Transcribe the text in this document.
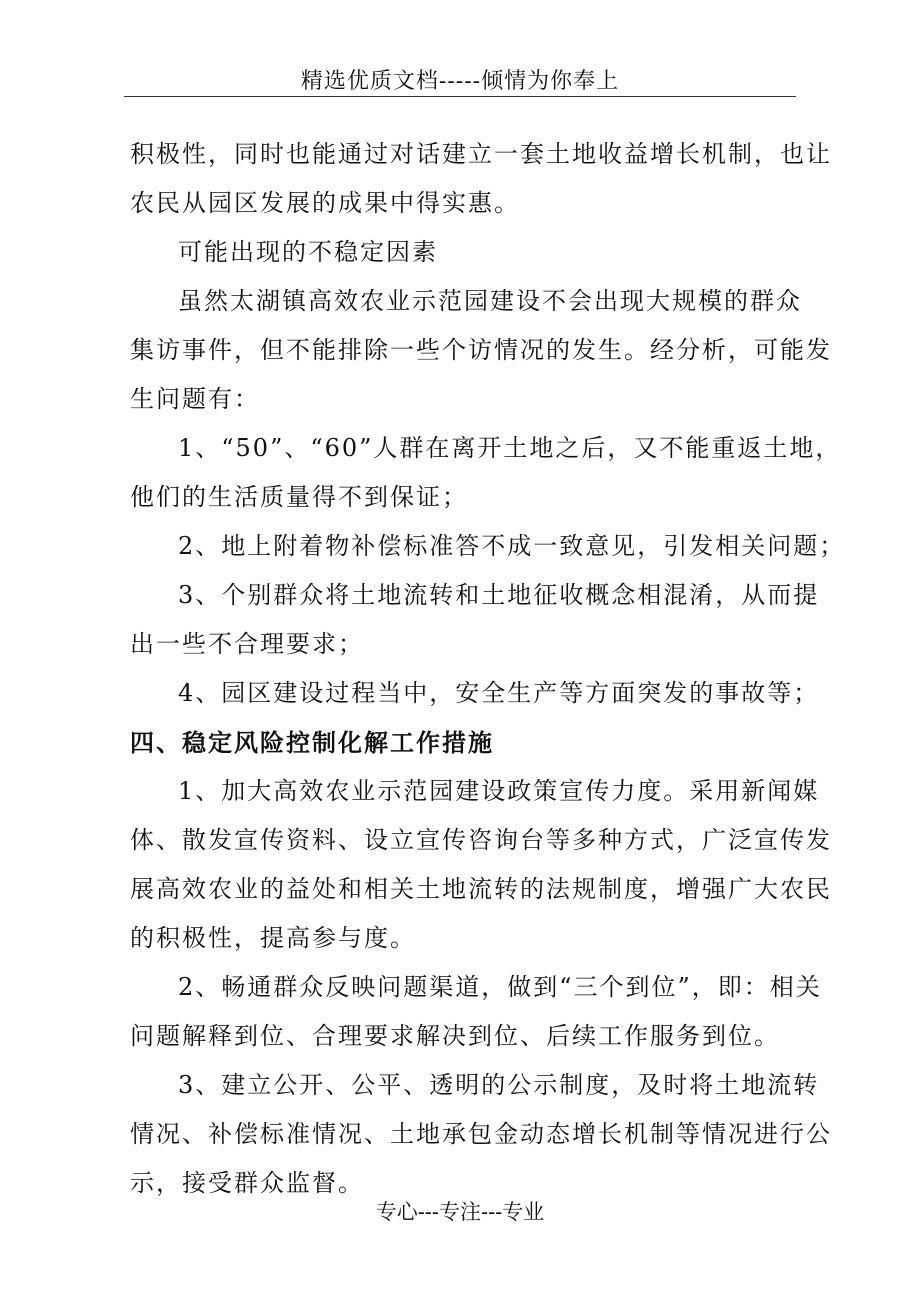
精选优质文档-----倾情为你奉上
积极性，同时也能通过对话建立一套土地收益增长机制，也让
农民从园区发展的成果中得实惠。
可能出现的不稳定因素
虽然太湖镇高效农业示范园建设不会出现大规模的群众
集访事件，但不能排除一些个访情况的发生。经分析，可能发
生问题有：
1、“50”、“60”人群在离开土地之后，又不能重返土地，
他们的生活质量得不到保证；
2、地上附着物补偿标准答不成一致意见，引发相关问题；
3、个别群众将土地流转和土地征收概念相混淆，从而提
出一些不合理要求；
4、园区建设过程当中，安全生产等方面突发的事故等；
四、稳定风险控制化解工作措施
1、加大高效农业示范园建设政策宣传力度。采用新闻媒
体、散发宣传资料、设立宣传咨询台等多种方式，广泛宣传发
展高效农业的益处和相关土地流转的法规制度，增强广大农民
的积极性，提高参与度。
2、畅通群众反映问题渠道，做到“三个到位”，即：相关
问题解释到位、合理要求解决到位、后续工作服务到位。
3、建立公开、公平、透明的公示制度，及时将土地流转
情况、补偿标准情况、土地承包金动态增长机制等情况进行公
示，接受群众监督。
专心---专注---专业
